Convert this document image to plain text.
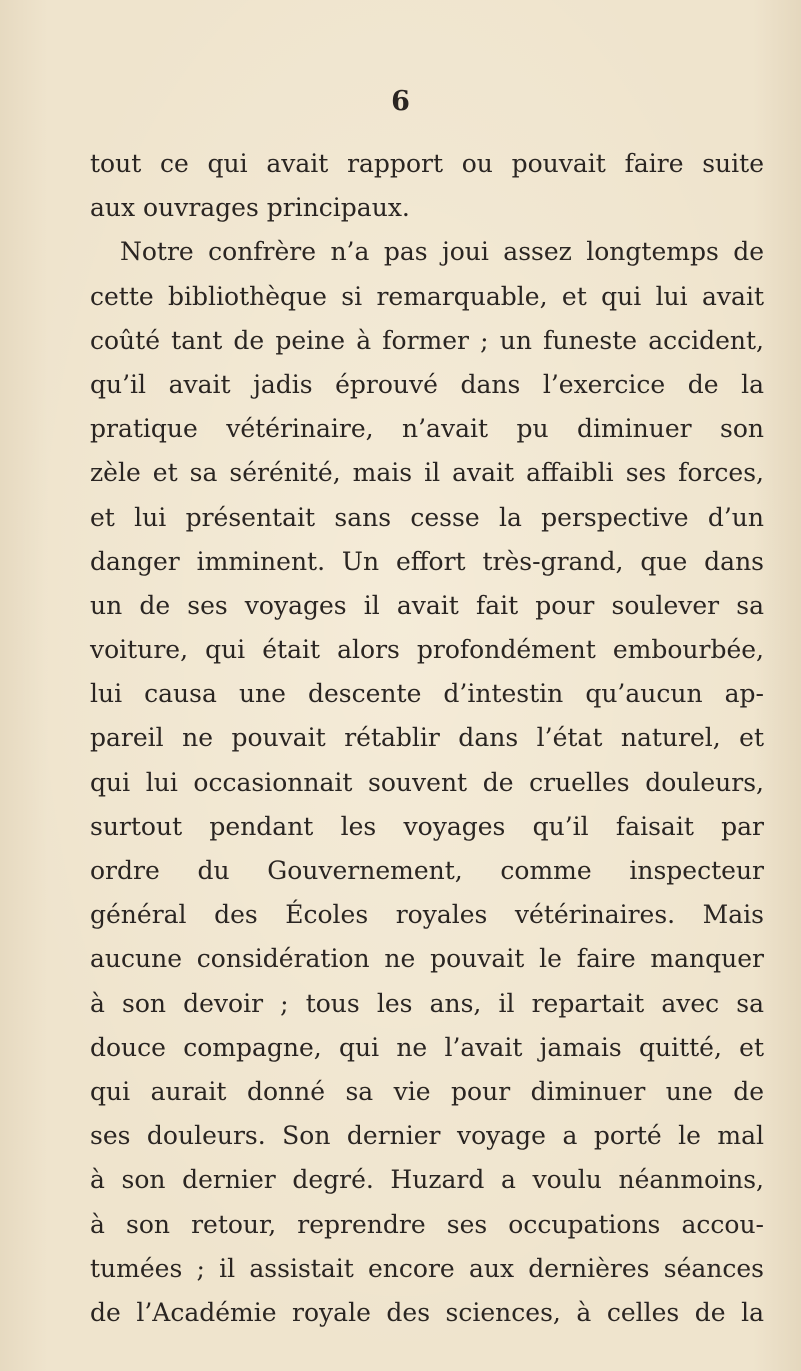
6
tout ce qui avait rapport ou pouvait faire suite
aux ouvrages principaux.
Notre confrère n’a pas joui assez longtemps de
cette bibliothèque si remarquable, et qui lui avait
coûté tant de peine à former ; un funeste accident,
qu’il avait jadis éprouvé dans l’exercice de la
pratique vétérinaire, n’avait pu diminuer son
zèle et sa sérénité, mais il avait affaibli ses forces,
et lui présentait sans cesse la perspective d’un
danger imminent. Un effort très-grand, que dans
un de ses voyages il avait fait pour soulever sa
voiture, qui était alors profondément embourbée,
lui causa une descente d’intestin qu’aucun ap-
pareil ne pouvait rétablir dans l’état naturel, et
qui lui occasionnait souvent de cruelles douleurs,
surtout pendant les voyages qu’il faisait par
ordre du Gouvernement, comme inspecteur
général des Écoles royales vétérinaires. Mais
aucune considération ne pouvait le faire manquer
à son devoir ; tous les ans, il repartait avec sa
douce compagne, qui ne l’avait jamais quitté, et
qui aurait donné sa vie pour diminuer une de
ses douleurs. Son dernier voyage a porté le mal
à son dernier degré. Huzard a voulu néanmoins,
à son retour, reprendre ses occupations accou-
tumées ; il assistait encore aux dernières séances
de l’Académie royale des sciences, à celles de la
